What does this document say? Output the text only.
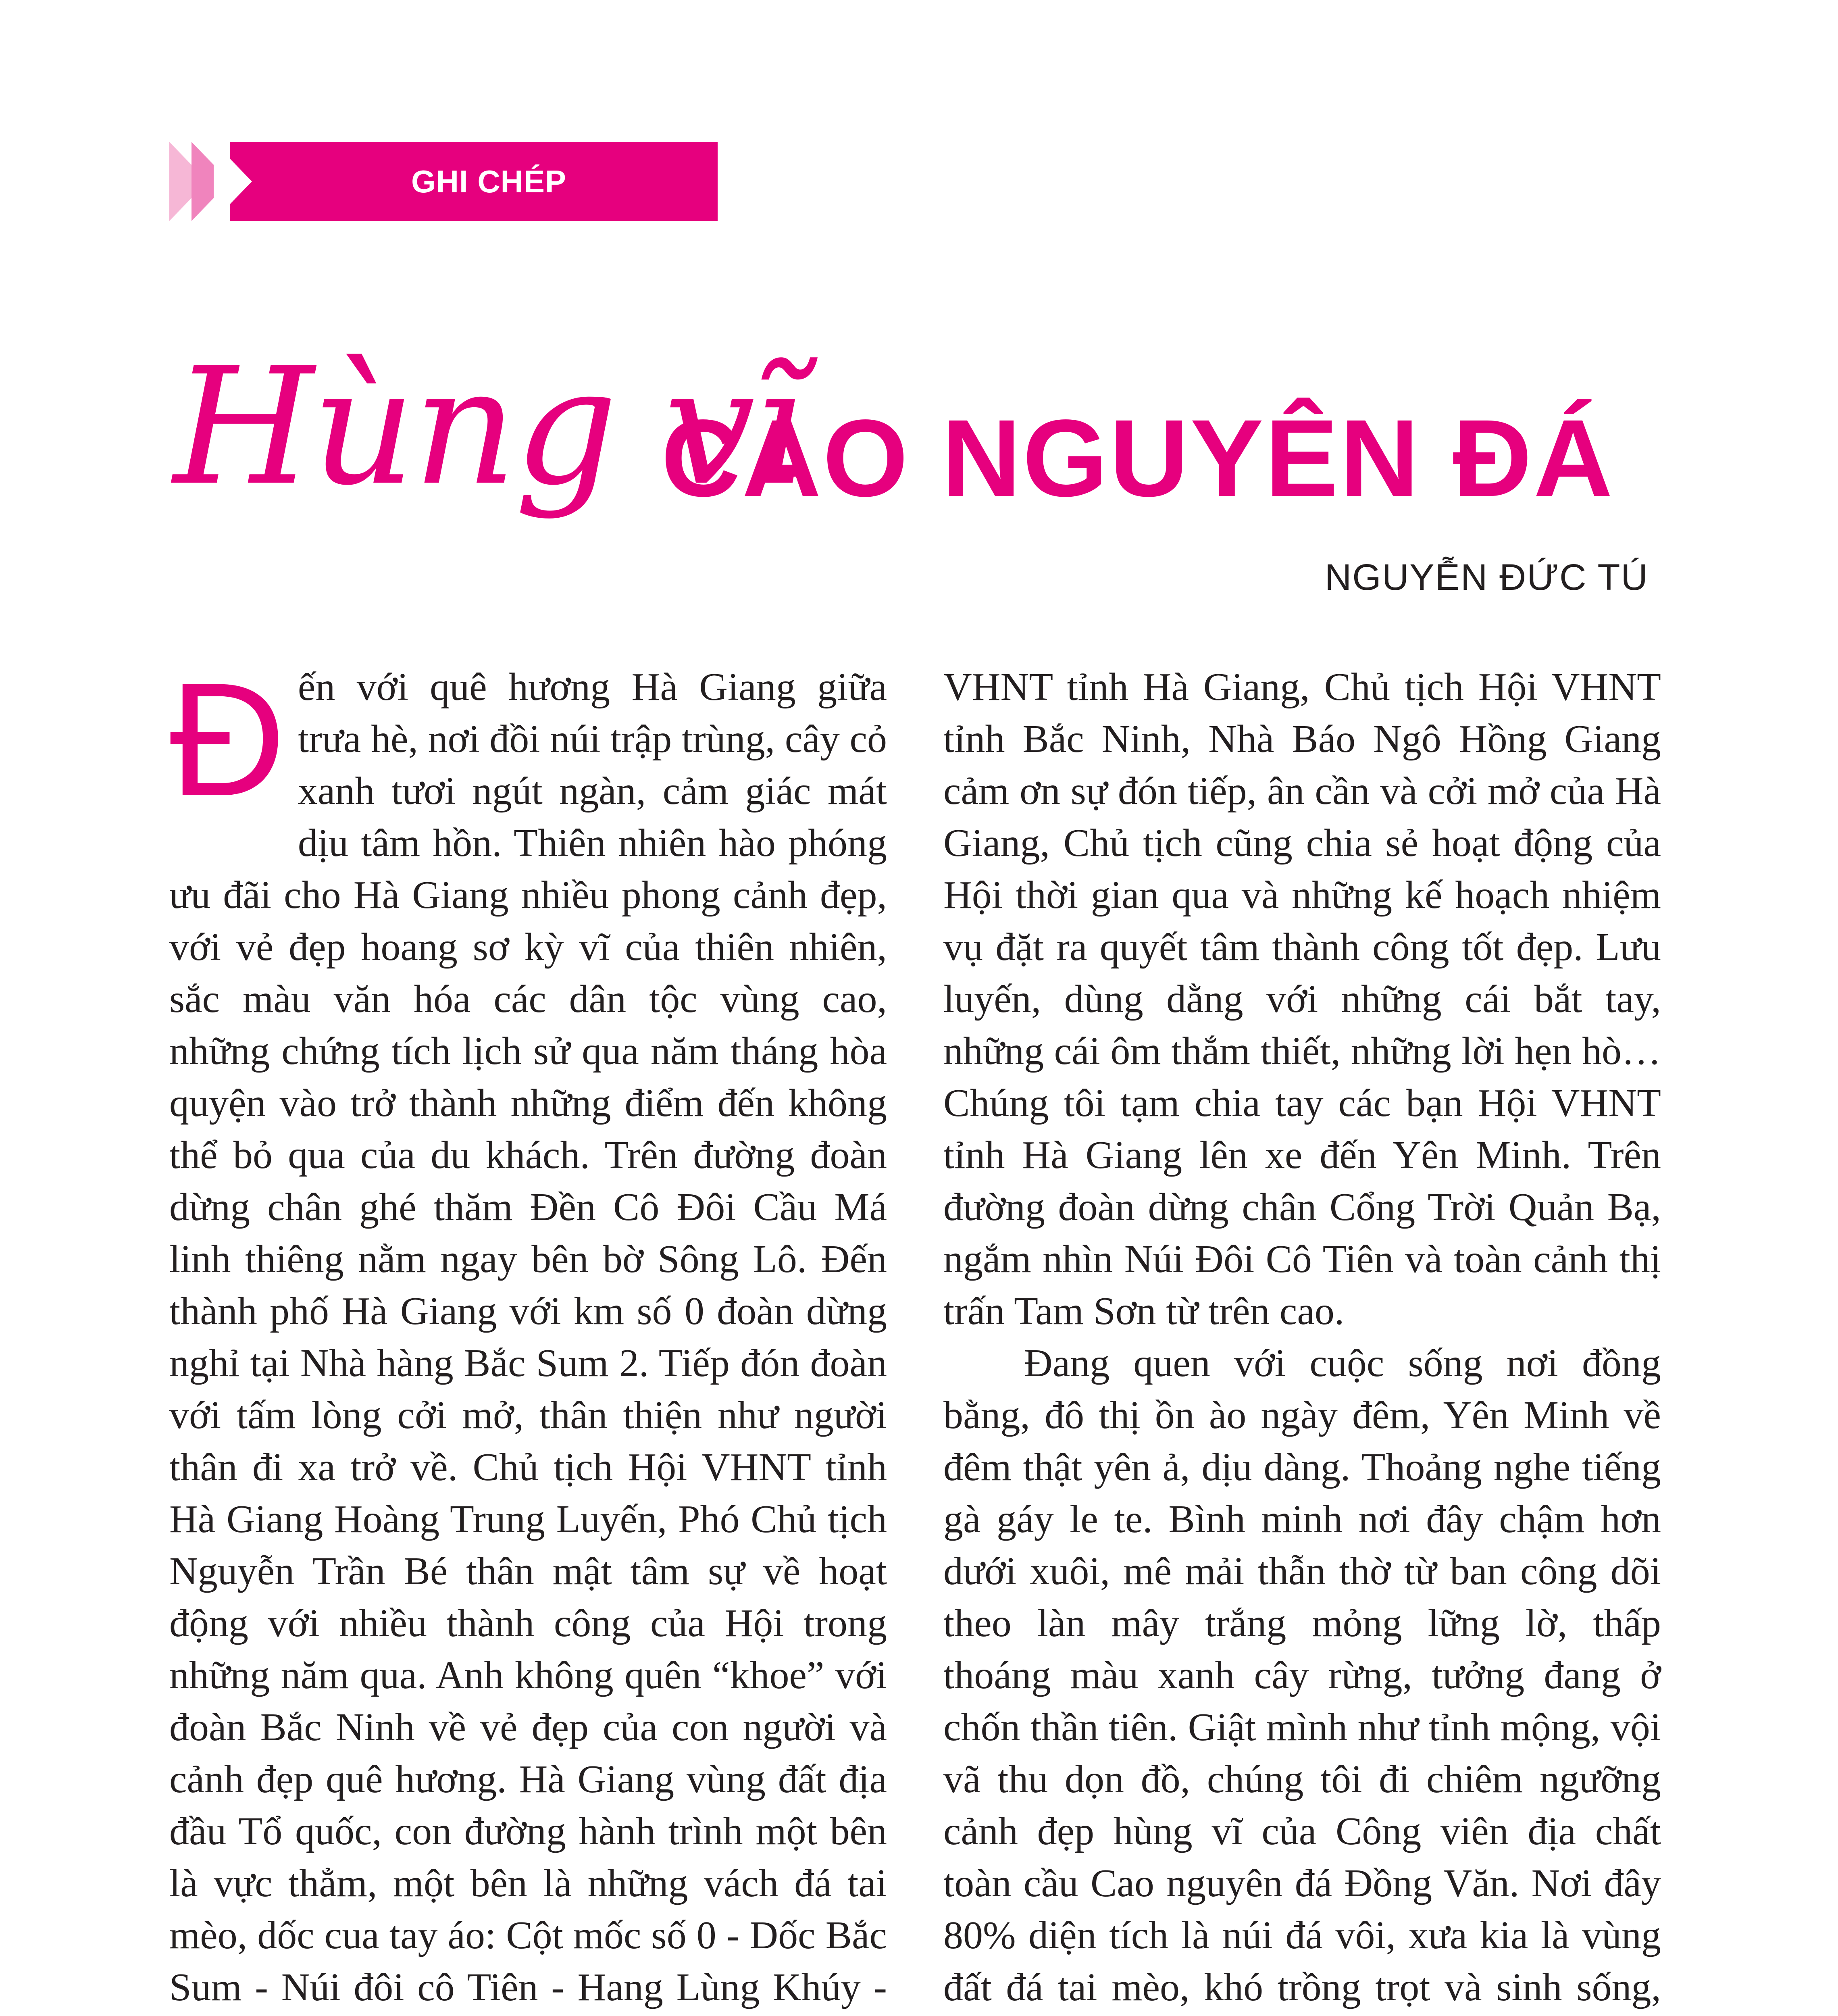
GHI CHÉP
Hùng vĩ
CAO NGUYÊN ĐÁ
NGUYỄN ĐỨC TÚ

Đến với quê hương Hà Giang giữa trưa hè, nơi đồi núi trập trùng, cây cỏ xanh tươi ngút ngàn, cảm giác mát dịu tâm hồn. Thiên nhiên hào phóng ưu đãi cho Hà Giang nhiều phong cảnh đẹp, với vẻ đẹp hoang sơ kỳ vĩ của thiên nhiên, sắc màu văn hóa các dân tộc vùng cao, những chứng tích lịch sử qua năm tháng hòa quyện vào trở thành những điểm đến không thể bỏ qua của du khách. Trên đường đoàn dừng chân ghé thăm Đền Cô Đôi Cầu Má linh thiêng nằm ngay bên bờ Sông Lô. Đến thành phố Hà Giang với km số 0 đoàn dừng nghỉ tại Nhà hàng Bắc Sum 2. Tiếp đón đoàn với tấm lòng cởi mở, thân thiện như người thân đi xa trở về. Chủ tịch Hội VHNT tỉnh Hà Giang Hoàng Trung Luyến, Phó Chủ tịch Nguyễn Trần Bé thân mật tâm sự về hoạt động với nhiều thành công của Hội trong những năm qua. Anh không quên “khoe” với đoàn Bắc Ninh về vẻ đẹp của con người và cảnh đẹp quê hương. Hà Giang vùng đất địa đầu Tổ quốc, con đường hành trình một bên là vực thẳm, một bên là những vách đá tai mèo, dốc cua tay áo: Cột mốc số 0 - Dốc Bắc Sum - Núi đôi cô Tiên - Hang Lùng Khúy -

VHNT tỉnh Hà Giang, Chủ tịch Hội VHNT tỉnh Bắc Ninh, Nhà Báo Ngô Hồng Giang cảm ơn sự đón tiếp, ân cần và cởi mở của Hà Giang, Chủ tịch cũng chia sẻ hoạt động của Hội thời gian qua và những kế hoạch nhiệm vụ đặt ra quyết tâm thành công tốt đẹp. Lưu luyến, dùng dằng với những cái bắt tay, những cái ôm thắm thiết, những lời hẹn hò… Chúng tôi tạm chia tay các bạn Hội VHNT tỉnh Hà Giang lên xe đến Yên Minh. Trên đường đoàn dừng chân Cổng Trời Quản Bạ, ngắm nhìn Núi Đôi Cô Tiên và toàn cảnh thị trấn Tam Sơn từ trên cao.

Đang quen với cuộc sống nơi đồng bằng, đô thị ồn ào ngày đêm, Yên Minh về đêm thật yên ả, dịu dàng. Thoảng nghe tiếng gà gáy le te. Bình minh nơi đây chậm hơn dưới xuôi, mê mải thẫn thờ từ ban công dõi theo làn mây trắng mỏng lững lờ, thấp thoáng màu xanh cây rừng, tưởng đang ở chốn thần tiên. Giật mình như tỉnh mộng, vội vã thu dọn đồ, chúng tôi đi chiêm ngưỡng cảnh đẹp hùng vĩ của Công viên địa chất toàn cầu Cao nguyên đá Đồng Văn. Nơi đây 80% diện tích là núi đá vôi, xưa kia là vùng đất đá tai mèo, khó trồng trọt và sinh sống,
